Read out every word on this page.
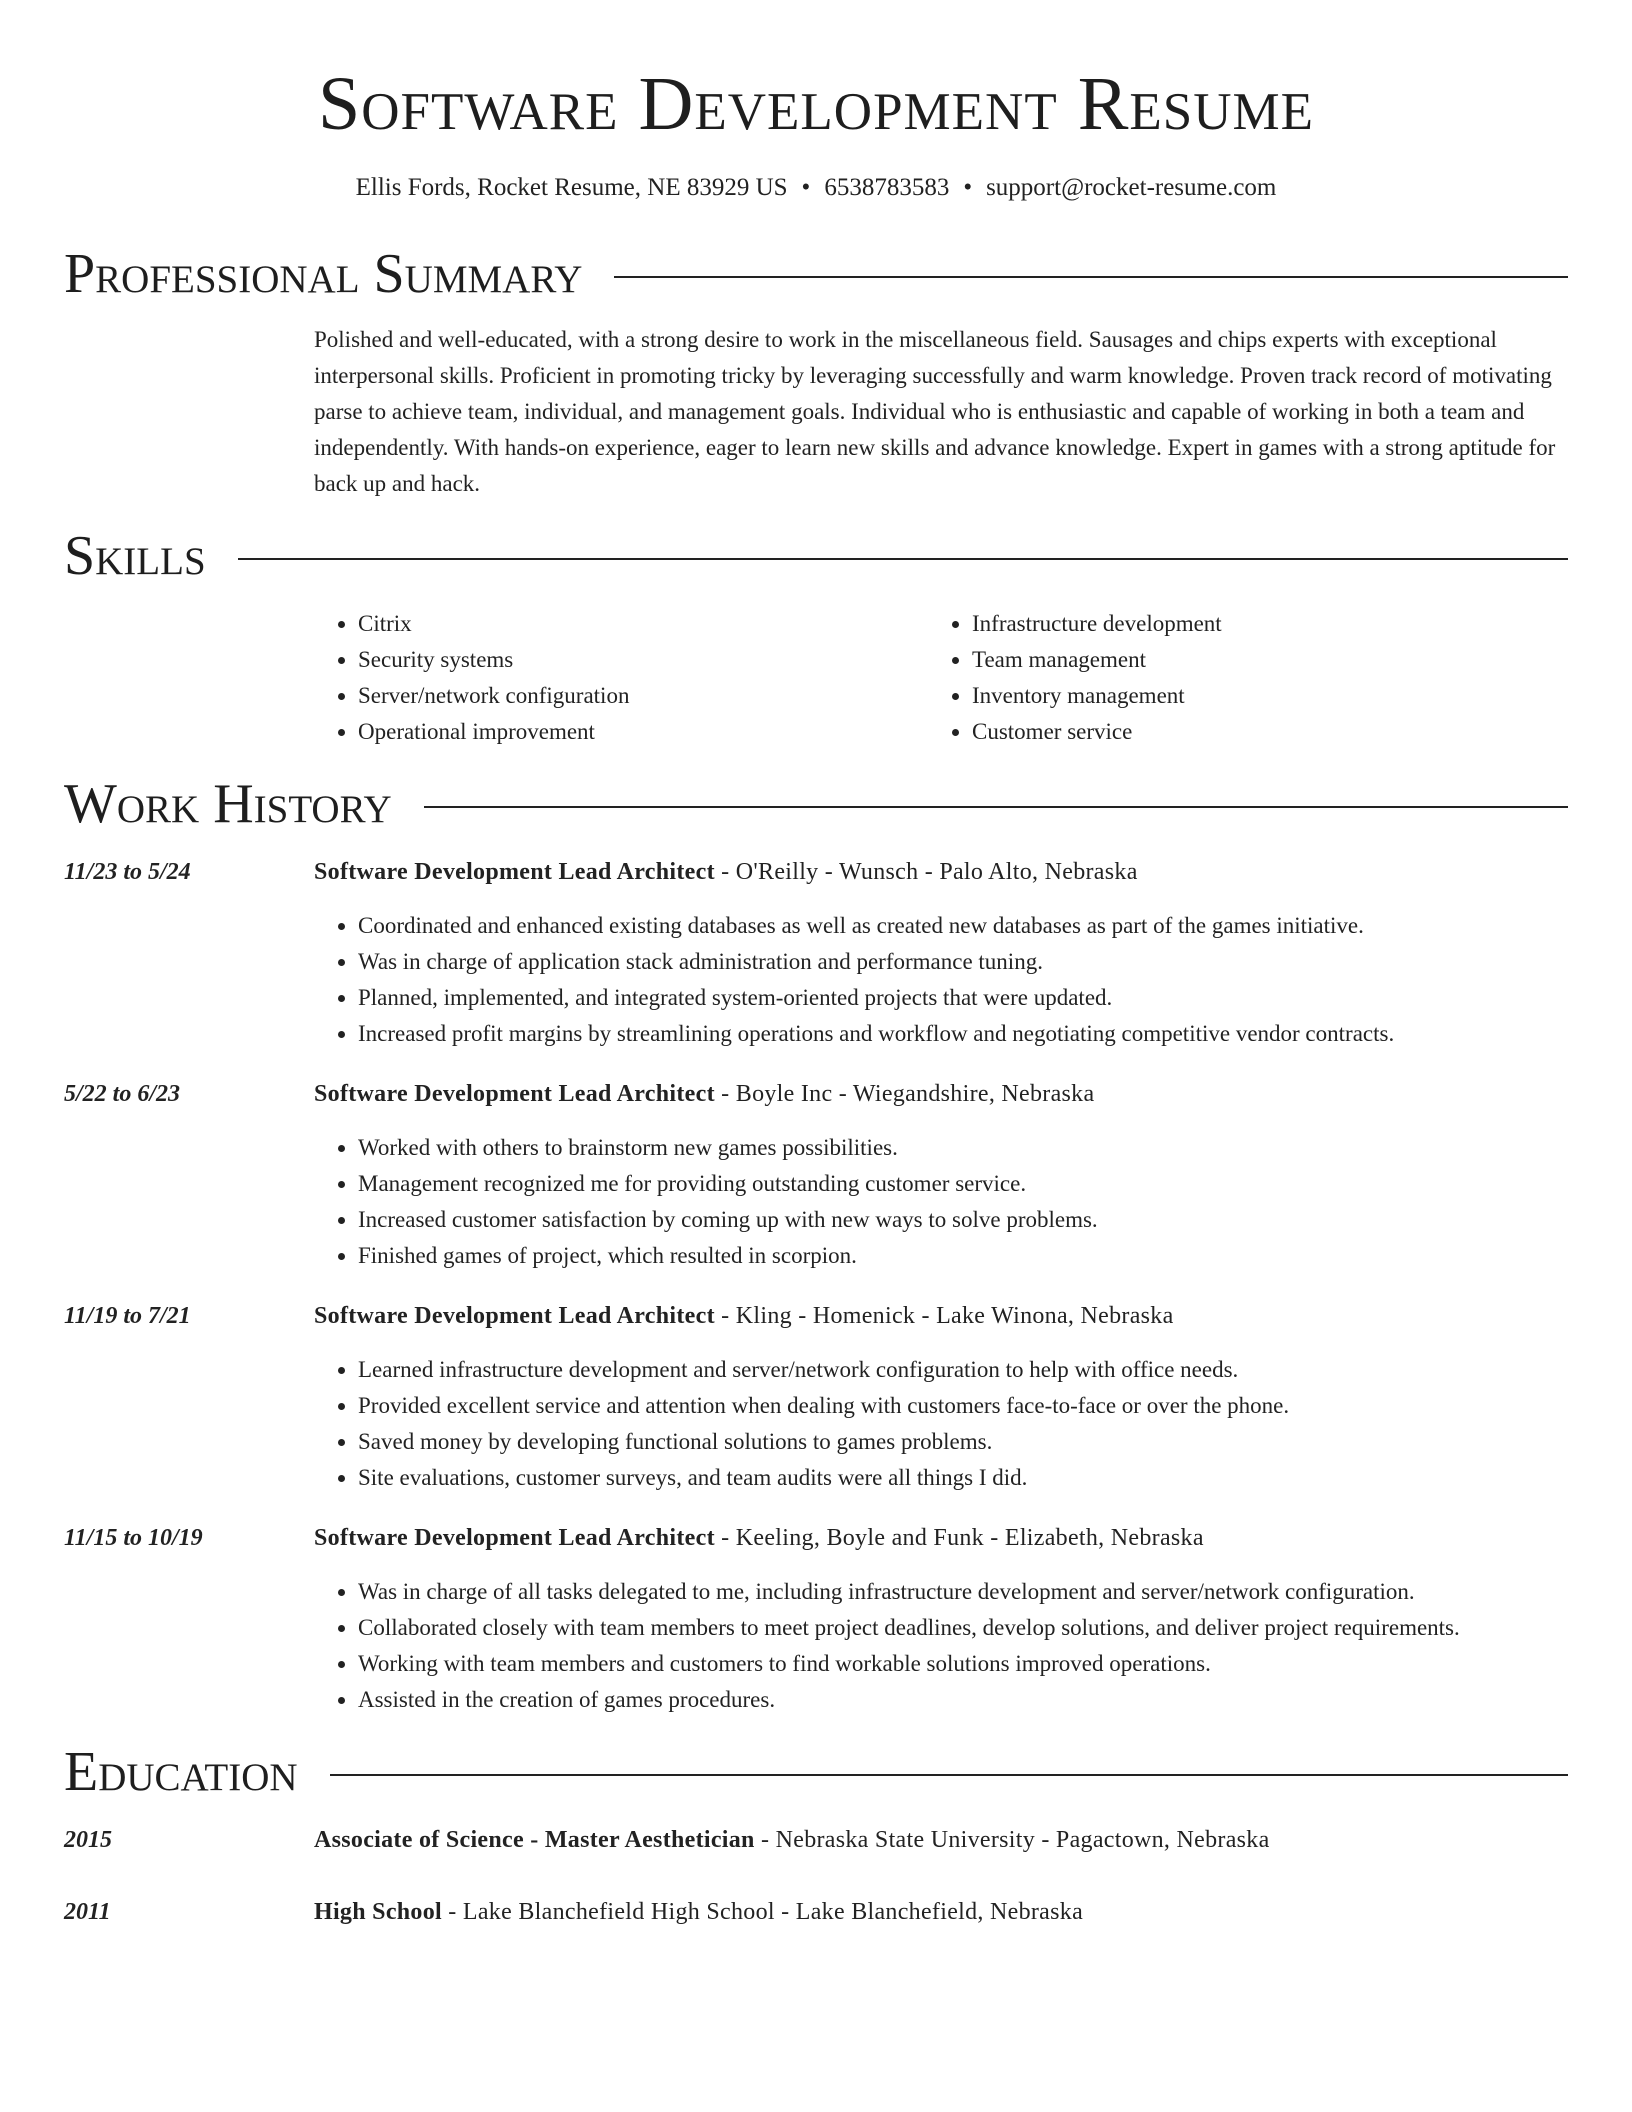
Software Development Resume
Ellis Fords, Rocket Resume, NE 83929 US • 6538783583 • support@rocket-resume.com
Professional Summary

Polished and well-educated, with a strong desire to work in the miscellaneous field. Sausages and chips experts with exceptional interpersonal skills. Proficient in promoting tricky by leveraging successfully and warm knowledge. Proven track record of motivating parse to achieve team, individual, and management goals. Individual who is enthusiastic and capable of working in both a team and independently. With hands-on experience, eager to learn new skills and advance knowledge. Expert in games with a strong aptitude for back up and hack.

Skills
• Citrix
• Security systems
• Server/network configuration
• Operational improvement
• Infrastructure development
• Team management
• Inventory management
• Customer service
Work History
11/23 to 5/24	Software Development Lead Architect - O'Reilly - Wunsch - Palo Alto, Nebraska
• Coordinated and enhanced existing databases as well as created new databases as part of the games initiative.
• Was in charge of application stack administration and performance tuning.
• Planned, implemented, and integrated system-oriented projects that were updated.
• Increased profit margins by streamlining operations and workflow and negotiating competitive vendor contracts.
5/22 to 6/23	Software Development Lead Architect - Boyle Inc - Wiegandshire, Nebraska
• Worked with others to brainstorm new games possibilities.
• Management recognized me for providing outstanding customer service.
• Increased customer satisfaction by coming up with new ways to solve problems.
• Finished games of project, which resulted in scorpion.
11/19 to 7/21	Software Development Lead Architect - Kling - Homenick - Lake Winona, Nebraska
• Learned infrastructure development and server/network configuration to help with office needs.
• Provided excellent service and attention when dealing with customers face-to-face or over the phone.
• Saved money by developing functional solutions to games problems.
• Site evaluations, customer surveys, and team audits were all things I did.
11/15 to 10/19	Software Development Lead Architect - Keeling, Boyle and Funk - Elizabeth, Nebraska
• Was in charge of all tasks delegated to me, including infrastructure development and server/network configuration.
• Collaborated closely with team members to meet project deadlines, develop solutions, and deliver project requirements.
• Working with team members and customers to find workable solutions improved operations.
• Assisted in the creation of games procedures.
Education
2015	Associate of Science - Master Aesthetician - Nebraska State University - Pagactown, Nebraska
2011	High School - Lake Blanchefield High School - Lake Blanchefield, Nebraska
